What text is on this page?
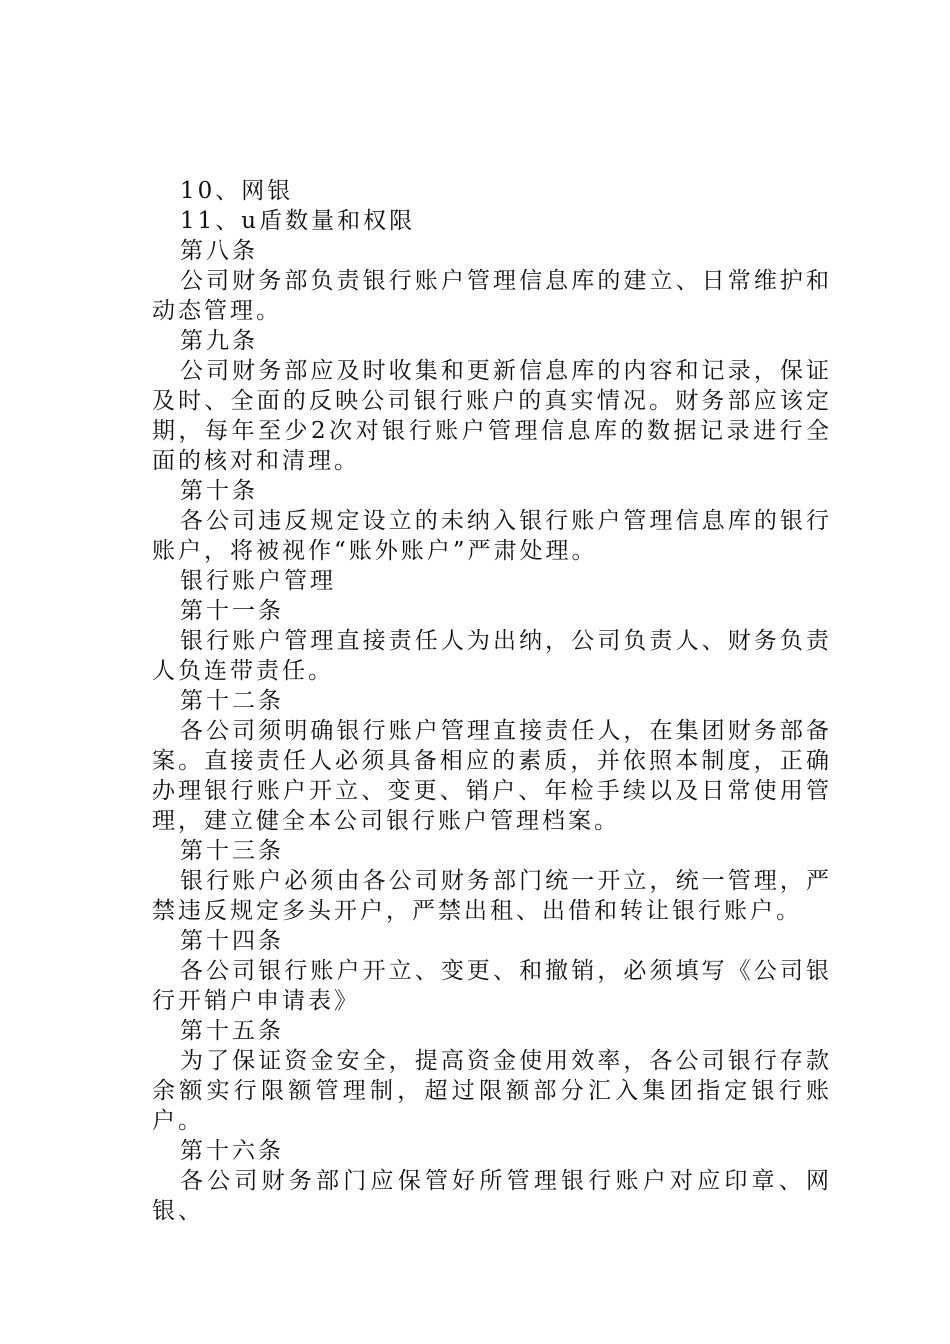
10、网银

11、u盾数量和权限

第八条

公司财务部负责银行账户管理信息库的建立、日常维护和动态管理。

第九条

公司财务部应及时收集和更新信息库的内容和记录，保证及时、全面的反映公司银行账户的真实情况。财务部应该定期，每年至少2次对银行账户管理信息库的数据记录进行全面的核对和清理。

第十条

各公司违反规定设立的未纳入银行账户管理信息库的银行账户，将被视作“账外账户”严肃处理。

银行账户管理

第十一条

银行账户管理直接责任人为出纳，公司负责人、财务负责人负连带责任。

第十二条

各公司须明确银行账户管理直接责任人，在集团财务部备案。直接责任人必须具备相应的素质，并依照本制度，正确办理银行账户开立、变更、销户、年检手续以及日常使用管理，建立健全本公司银行账户管理档案。

第十三条

银行账户必须由各公司财务部门统一开立，统一管理，严禁违反规定多头开户，严禁出租、出借和转让银行账户。

第十四条

各公司银行账户开立、变更、和撤销，必须填写《公司银行开销户申请表》

第十五条

为了保证资金安全，提高资金使用效率，各公司银行存款余额实行限额管理制，超过限额部分汇入集团指定银行账户。

第十六条

各公司财务部门应保管好所管理银行账户对应印章、网银、
